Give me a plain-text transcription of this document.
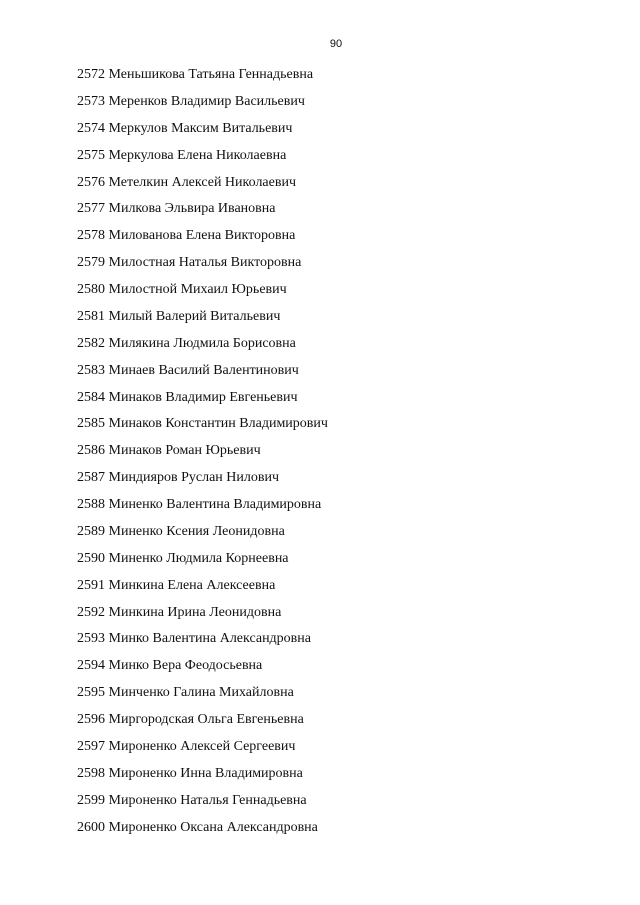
90
2572 Меньшикова Татьяна Геннадьевна
2573 Меренков Владимир Васильевич
2574 Меркулов Максим Витальевич
2575 Меркулова Елена Николаевна
2576 Метелкин Алексей Николаевич
2577 Милкова Эльвира Ивановна
2578 Милованова Елена Викторовна
2579 Милостная Наталья Викторовна
2580 Милостной Михаил Юрьевич
2581 Милый Валерий Витальевич
2582 Милякина Людмила Борисовна
2583 Минаев Василий Валентинович
2584 Минаков Владимир Евгеньевич
2585 Минаков Константин Владимирович
2586 Минаков Роман Юрьевич
2587 Миндияров Руслан Нилович
2588 Миненко Валентина Владимировна
2589 Миненко Ксения Леонидовна
2590 Миненко Людмила Корнеевна
2591 Минкина Елена Алексеевна
2592 Минкина Ирина Леонидовна
2593 Минко Валентина Александровна
2594 Минко Вера Феодосьевна
2595 Минченко Галина Михайловна
2596 Миргородская Ольга Евгеньевна
2597 Мироненко Алексей Сергеевич
2598 Мироненко Инна Владимировна
2599 Мироненко Наталья Геннадьевна
2600 Мироненко Оксана Александровна
